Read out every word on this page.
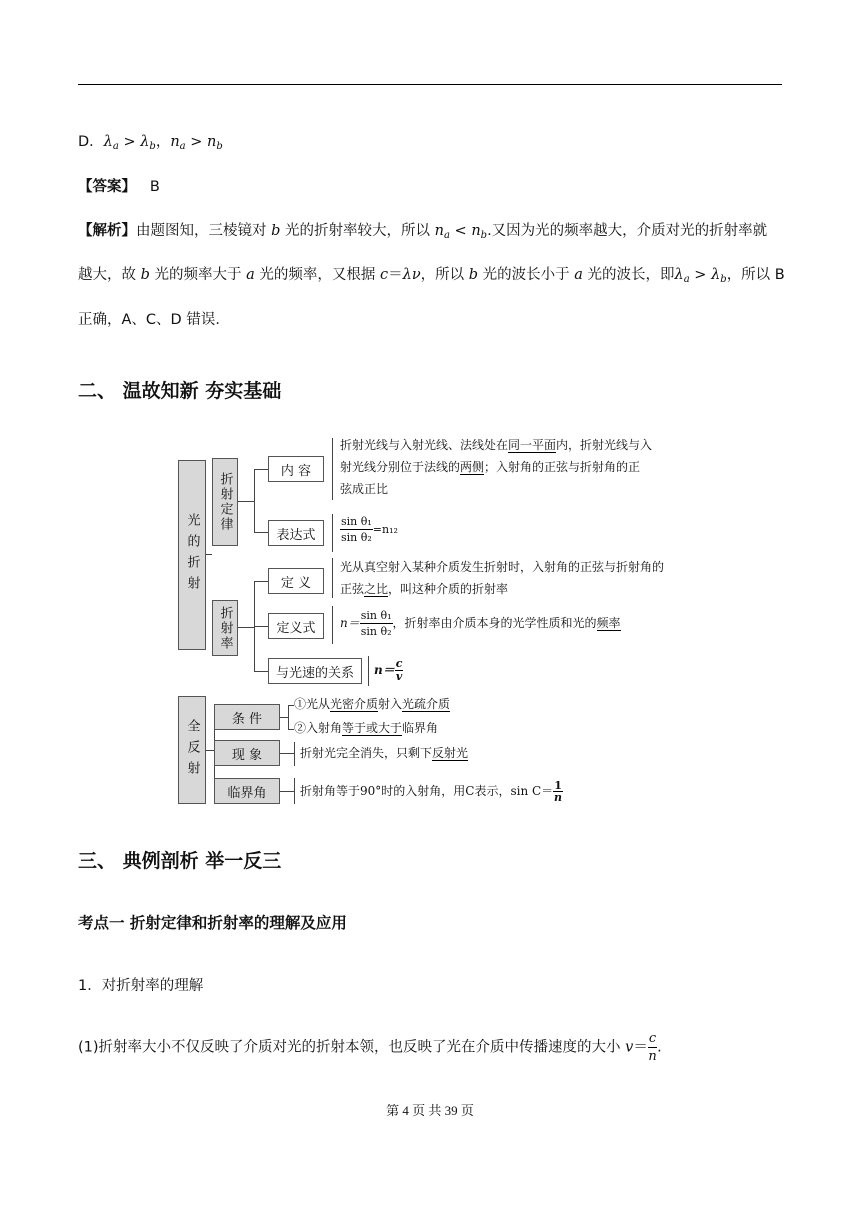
D．$\lambda_a > \lambda_b$，$n_a > n_b$
【答案】 B
【解析】由题图知，三棱镜对 b 光的折射率较大，所以 $n_a < n_b$.又因为光的频率越大，介质对光的折射率就
越大，故 b 光的频率大于 a 光的频率，又根据 c＝λν，所以 b 光的波长小于 a 光的波长，即$\lambda_a > \lambda_b$，所以 B
正确，A、C、D 错误．
二、 温故知新 夯实基础
光的折射
折射定律
折射率
内 容
表达式
折射光线与入射光线、法线处在同一平面内，折射光线与入
射光线分别位于法线的两侧；入射角的正弦与折射角的正
弦成正比
$\frac{\text{sin θ₁}}{\text{sin θ₂}} =n_{12}$
定 义
定义式
与光速的关系
光从真空射入某种介质发生折射时，入射角的正弦与折射角的
正弦之比，叫这种介质的折射率
$n= \frac{\text{sin θ₁}}{\text{sin θ₂}}$ ，折射率由介质本身的光学性质和光的频率
$n= \frac{c}{v}$
全反射 条 件
现 象
临界角
①光从光密介质射入光疏介质
②入射角等于或大于临界角
折射光完全消失，只剩下反射光
折射角等于90°时的入射角，用C表示，$\sin C= \frac{1}{n}$
三、 典例剖析 举一反三
考点一 折射定律和折射率的理解及应用
1．对折射率的理解
(1)折射率大小不仅反映了介质对光的折射本领，也反映了光在介质中传播速度的大小 $v= \frac{c}{n}$ .
第 4 页 共 39 页
